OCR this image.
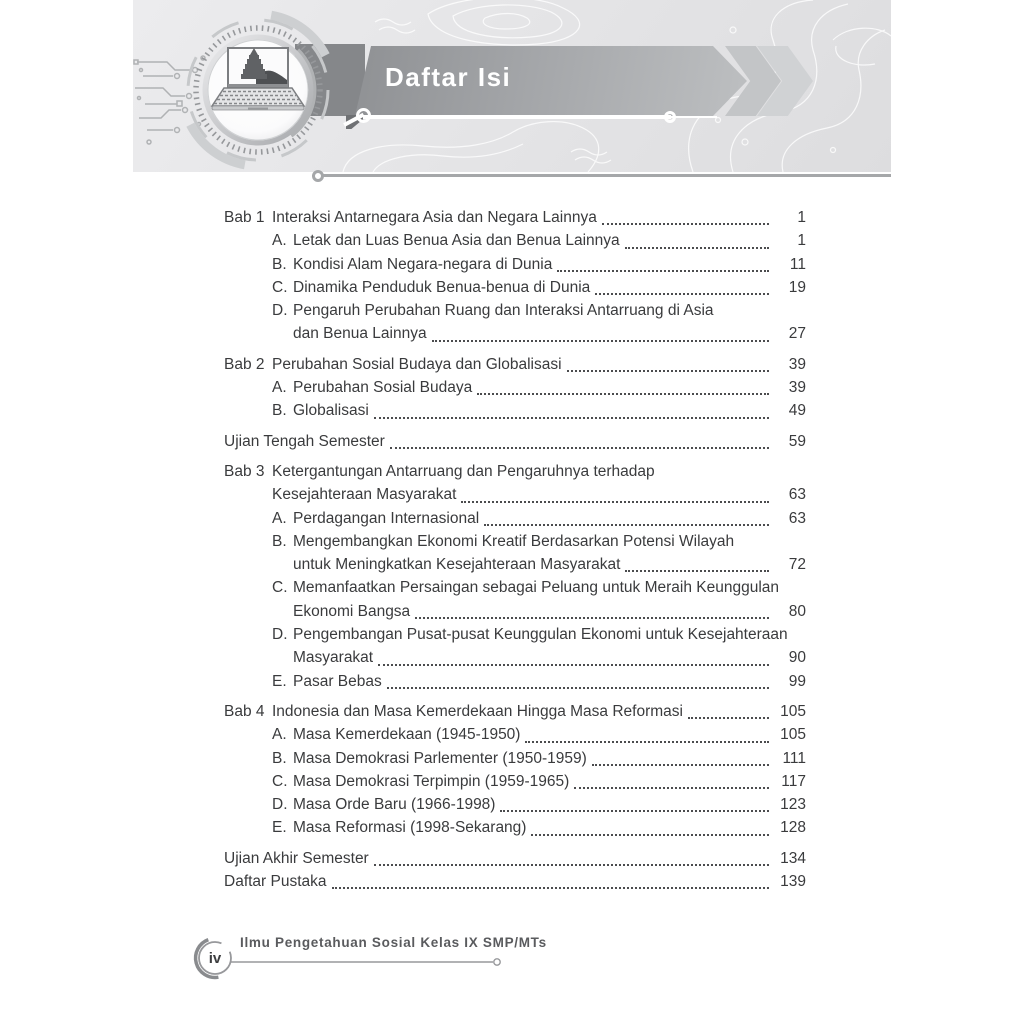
Daftar Isi
Bab 1 Interaksi Antarnegara Asia dan Negara Lainnya	1
A. Letak dan Luas Benua Asia dan Benua Lainnya	1
B. Kondisi Alam Negara-negara di Dunia	11
C. Dinamika Penduduk Benua-benua di Dunia	19
D. Pengaruh Perubahan Ruang dan Interaksi Antarruang di Asia
dan Benua Lainnya	27
Bab 2 Perubahan Sosial Budaya dan Globalisasi	39
A. Perubahan Sosial Budaya	39
B. Globalisasi	49
Ujian Tengah Semester	59
Bab 3 Ketergantungan Antarruang dan Pengaruhnya terhadap
Kesejahteraan Masyarakat	63
A. Perdagangan Internasional	63
B. Mengembangkan Ekonomi Kreatif Berdasarkan Potensi Wilayah
untuk Meningkatkan Kesejahteraan Masyarakat	72
C. Memanfaatkan Persaingan sebagai Peluang untuk Meraih Keunggulan
Ekonomi Bangsa	80
D. Pengembangan Pusat-pusat Keunggulan Ekonomi untuk Kesejahteraan
Masyarakat	90
E. Pasar Bebas	99
Bab 4 Indonesia dan Masa Kemerdekaan Hingga Masa Reformasi	105
A. Masa Kemerdekaan (1945-1950)	105
B. Masa Demokrasi Parlementer (1950-1959)	111
C. Masa Demokrasi Terpimpin (1959-1965)	117
D. Masa Orde Baru (1966-1998)	123
E. Masa Reformasi (1998-Sekarang)	128
Ujian Akhir Semester	134
Daftar Pustaka	139
iv
Ilmu Pengetahuan Sosial Kelas IX SMP/MTs
